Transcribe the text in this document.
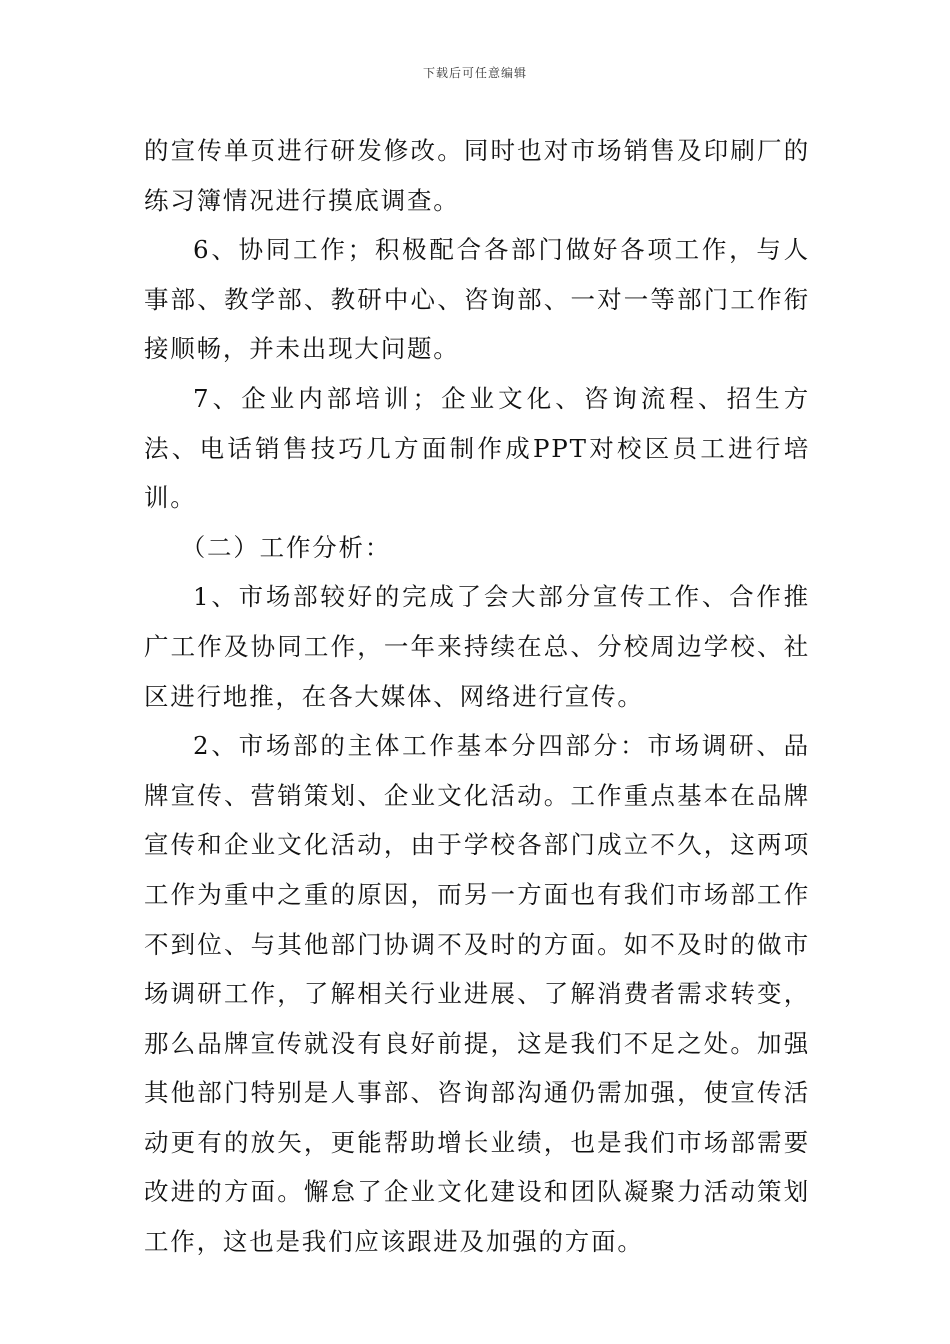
下载后可任意编辑

的宣传单页进行研发修改。同时也对市场销售及印刷厂的练习簿情况进行摸底调查。

6、协同工作；积极配合各部门做好各项工作，与人事部、教学部、教研中心、咨询部、一对一等部门工作衔接顺畅，并未出现大问题。

7、企业内部培训；企业文化、咨询流程、招生方法、电话销售技巧几方面制作成PPT对校区员工进行培训。

（二）工作分析：

1、市场部较好的完成了会大部分宣传工作、合作推广工作及协同工作，一年来持续在总、分校周边学校、社区进行地推，在各大媒体、网络进行宣传。

2、市场部的主体工作基本分四部分：市场调研、品牌宣传、营销策划、企业文化活动。工作重点基本在品牌宣传和企业文化活动，由于学校各部门成立不久，这两项工作为重中之重的原因，而另一方面也有我们市场部工作不到位、与其他部门协调不及时的方面。如不及时的做市场调研工作，了解相关行业进展、了解消费者需求转变，那么品牌宣传就没有良好前提，这是我们不足之处。加强其他部门特别是人事部、咨询部沟通仍需加强，使宣传活动更有的放矢，更能帮助增长业绩，也是我们市场部需要改进的方面。懈怠了企业文化建设和团队凝聚力活动策划工作，这也是我们应该跟进及加强的方面。
